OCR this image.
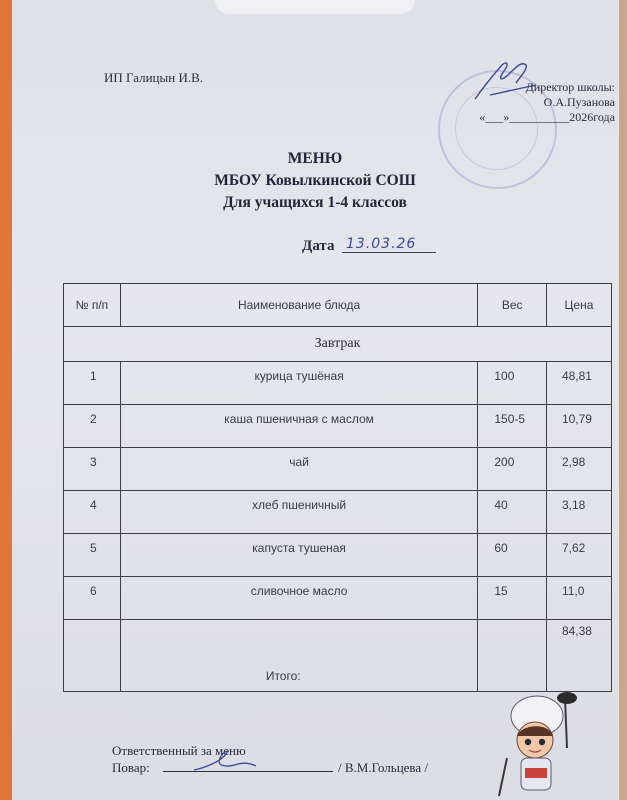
ИП Галицын И.В.
Директор школы:
О.А.Пузанова
«___»__________2026года
МЕНЮ
МБОУ Ковылкинской СОШ
Для учащихся 1-4 классов
Дата 13.03.26
№ п/п	Наименование блюда	Вес	Цена
Завтрак			
1	курица тушёная	100	48,81
2	каша пшеничная с маслом	150-5	10,79
3	чай	200	2,98
4	хлеб пшеничный	40	3,18
5	капуста тушеная	60	7,62
6	сливочное масло	15	11,0
	Итого:		84,38
Ответственный за меню
Повар:	/ В.М.Гольцева /
